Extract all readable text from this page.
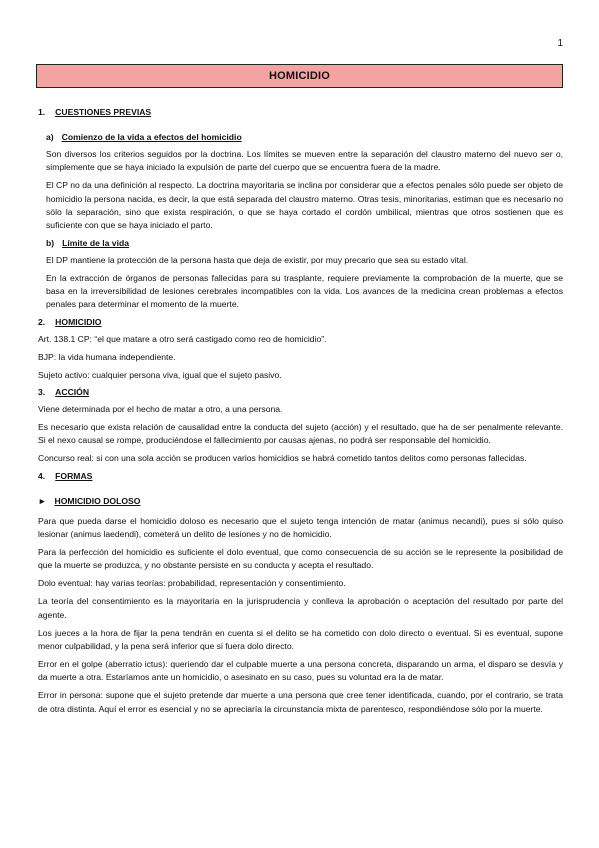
1
HOMICIDIO
1. CUESTIONES PREVIAS
a) Comienzo de la vida a efectos del homicidio

Son diversos los criterios seguidos por la doctrina. Los límites se mueven entre la separación del claustro materno del nuevo ser o, simplemente que se haya iniciado la expulsión de parte del cuerpo que se encuentra fuera de la madre.

El CP no da una definición al respecto. La doctrina mayoritaria se inclina por considerar que a efectos penales sólo puede ser objeto de homicidio la persona nacida, es decir, la que está separada del claustro materno. Otras tesis, minoritarias, estiman que es necesario no sólo la separación, sino que exista respiración, o que se haya cortado el cordón umbilical, mientras que otros sostienen que es suficiente con que se haya iniciado el parto.

b) Límite de la vida

El DP mantiene la protección de la persona hasta que deja de existir, por muy precario que sea su estado vital.

En la extracción de órganos de personas fallecidas para su trasplante, requiere previamente la comprobación de la muerte, que se basa en la irreversibilidad de lesiones cerebrales incompatibles con la vida. Los avances de la medicina crean problemas a efectos penales para determinar el momento de la muerte.

2. HOMICIDIO

Art. 138.1 CP: “el que matare a otro será castigado como reo de homicidio”.

BJP: la vida humana independiente.

Sujeto activo: cualquier persona viva, igual que el sujeto pasivo.

3. ACCIÓN

Viene determinada por el hecho de matar a otro, a una persona.

Es necesario que exista relación de causalidad entre la conducta del sujeto (acción) y el resultado, que ha de ser penalmente relevante. Si el nexo causal se rompe, produciéndose el fallecimiento por causas ajenas, no podrá ser responsable del homicidio.

Concurso real: si con una sola acción se producen varios homicidios se habrá cometido tantos delitos como personas fallecidas.

4. FORMAS
► HOMICIDIO DOLOSO

Para que pueda darse el homicidio doloso es necesario que el sujeto tenga intención de matar (animus necandi), pues si sólo quiso lesionar (animus laedendi), cometerá un delito de lesiones y no de homicidio.

Para la perfección del homicidio es suficiente el dolo eventual, que como consecuencia de su acción se le represente la posibilidad de que la muerte se produzca, y no obstante persiste en su conducta y acepta el resultado.

Dolo eventual: hay varias teorías: probabilidad, representación y consentimiento.

La teoría del consentimiento es la mayoritaria en la jurisprudencia y conlleva la aprobación o aceptación del resultado por parte del agente.

Los jueces a la hora de fijar la pena tendrán en cuenta si el delito se ha cometido con dolo directo o eventual. Si es eventual, supone menor culpabilidad, y la pena será inferior que si fuera dolo directo.

Error en el golpe (aberratio ictus): queriendo dar el culpable muerte a una persona concreta, disparando un arma, el disparo se desvía y da muerte a otra. Estaríamos ante un homicidio, o asesinato en su caso, pues su voluntad era la de matar.

Error in persona: supone que el sujeto pretende dar muerte a una persona que cree tener identificada, cuando, por el contrario, se trata de otra distinta. Aquí el error es esencial y no se apreciaría la circunstancia mixta de parentesco, respondiéndose sólo por la muerte.
